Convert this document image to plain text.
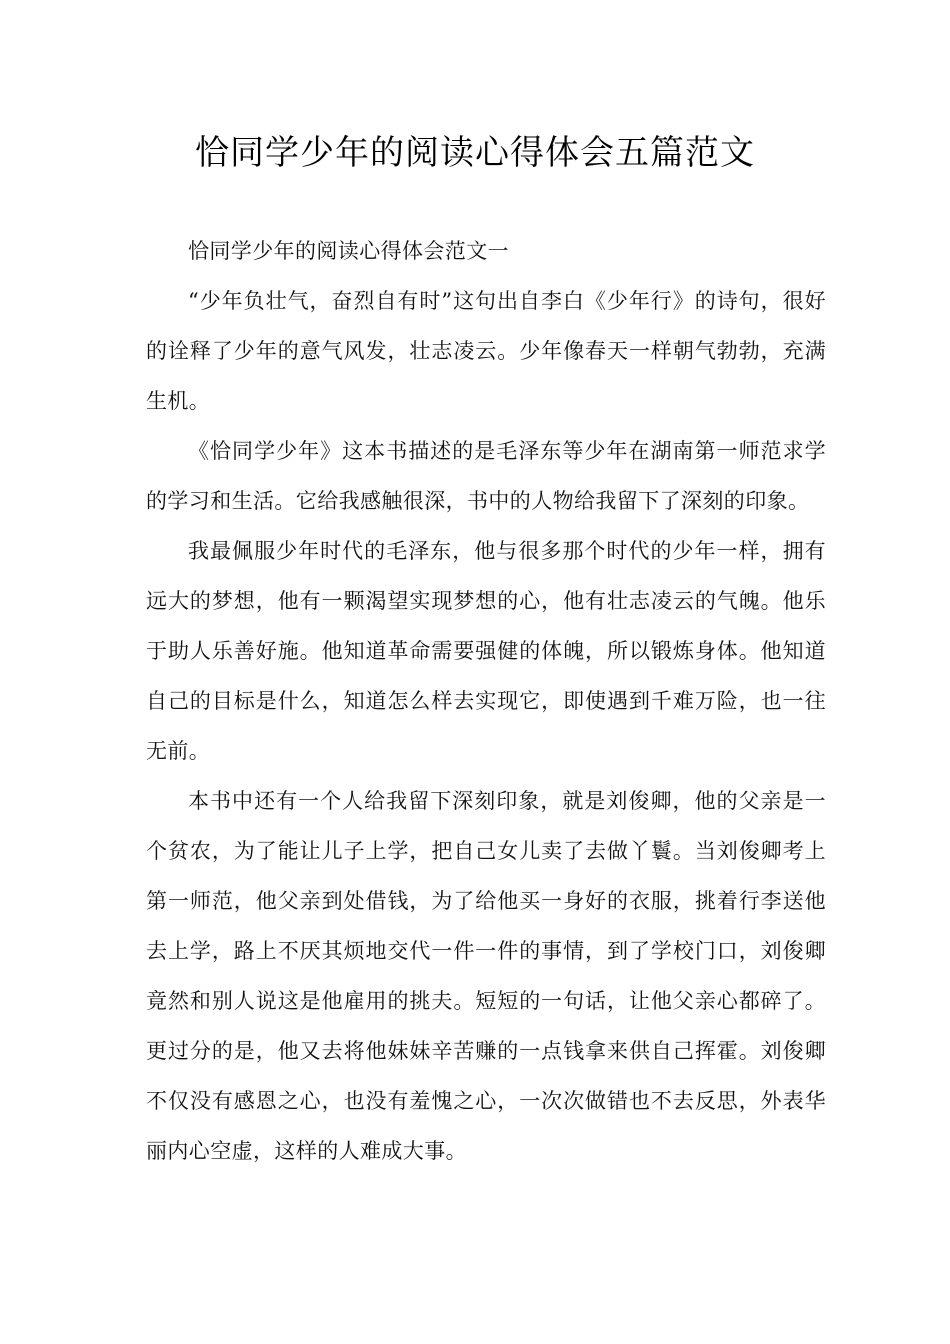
恰同学少年的阅读心得体会五篇范文

恰同学少年的阅读心得体会范文一

“少年负壮气，奋烈自有时”这句出自李白《少年行》的诗句，很好的诠释了少年的意气风发，壮志凌云。少年像春天一样朝气勃勃，充满生机。

《恰同学少年》这本书描述的是毛泽东等少年在湖南第一师范求学的学习和生活。它给我感触很深，书中的人物给我留下了深刻的印象。

我最佩服少年时代的毛泽东，他与很多那个时代的少年一样，拥有远大的梦想，他有一颗渴望实现梦想的心，他有壮志凌云的气魄。他乐于助人乐善好施。他知道革命需要强健的体魄，所以锻炼身体。他知道自己的目标是什么，知道怎么样去实现它，即使遇到千难万险，也一往无前。

本书中还有一个人给我留下深刻印象，就是刘俊卿，他的父亲是一个贫农，为了能让儿子上学，把自己女儿卖了去做丫鬟。当刘俊卿考上第一师范，他父亲到处借钱，为了给他买一身好的衣服，挑着行李送他去上学，路上不厌其烦地交代一件一件的事情，到了学校门口，刘俊卿竟然和别人说这是他雇用的挑夫。短短的一句话，让他父亲心都碎了。更过分的是，他又去将他妹妹辛苦赚的一点钱拿来供自己挥霍。刘俊卿不仅没有感恩之心，也没有羞愧之心，一次次做错也不去反思，外表华丽内心空虚，这样的人难成大事。
